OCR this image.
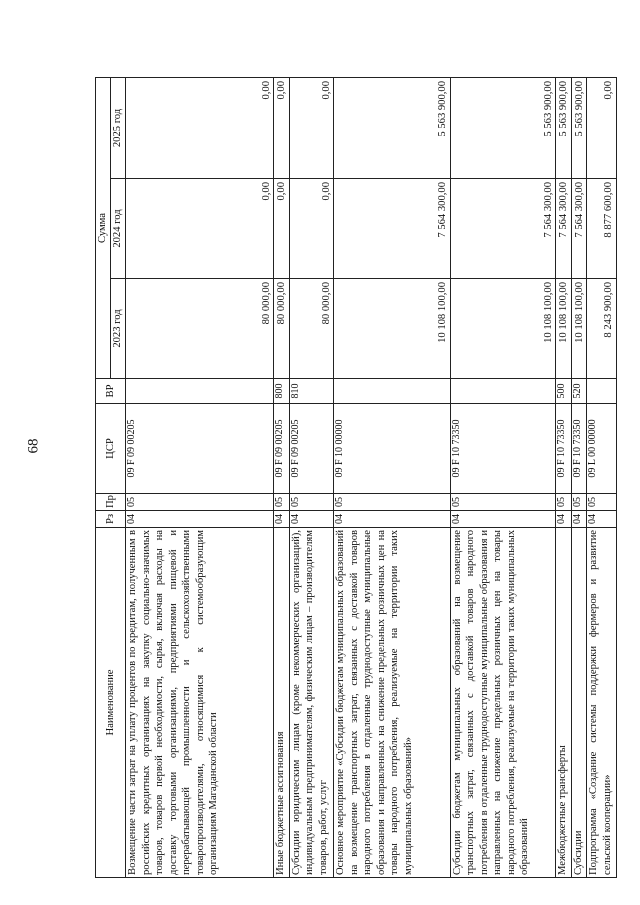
68
Наименование	Рз	Пр	ЦСР	ВР	Сумма		
					2023 год	2024 год	2025 год
Возмещение части затрат на уплату процентов по кредитам, полученным в российских кредитных организациях на закупку социально-значимых товаров, товаров первой необходимости, сырья, включая расходы на доставку торговыми организациями, предприятиями пищевой и перерабатывающей промышленности и сельскохозяйственными товаропроизводителями, относящимися к системообразующим организациям Магаданской области	04	05	09 F 09 00205		80 000,00	0,00	0,00
Иные бюджетные ассигнования	04	05	09 F 09 00205	800	80 000,00	0,00	0,00
Субсидии юридическим лицам (кроме некоммерческих организаций), индивидуальным предпринимателям, физическим лицам – производителям товаров, работ, услуг	04	05	09 F 09 00205	810	80 000,00	0,00	0,00
Основное мероприятие «Субсидии бюджетам муниципальных образований на возмещение транспортных затрат, связанных с доставкой товаров народного потребления в отдаленные труднодоступные муниципальные образования и направленных на снижение предельных розничных цен на товары народного потребления, реализуемые на территории таких муниципальных образований»	04	05	09 F 10 00000		10 108 100,00	7 564 300,00	5 563 900,00
Субсидии бюджетам муниципальных образований на возмещение транспортных затрат, связанных с доставкой товаров народного потребления в отдаленные труднодоступные муниципальные образования и направленных на снижение предельных розничных цен на товары народного потребления, реализуемые на территории таких муниципальных образований	04	05	09 F 10 73350		10 108 100,00	7 564 300,00	5 563 900,00
Межбюджетные трансферты	04	05	09 F 10 73350	500	10 108 100,00	7 564 300,00	5 563 900,00
Субсидии	04	05	09 F 10 73350	520	10 108 100,00	7 564 300,00	5 563 900,00
Подпрограмма «Создание системы поддержки фермеров и развитие сельской кооперации»	04	05	09 L 00 00000		8 243 900,00	8 877 600,00	0,00
